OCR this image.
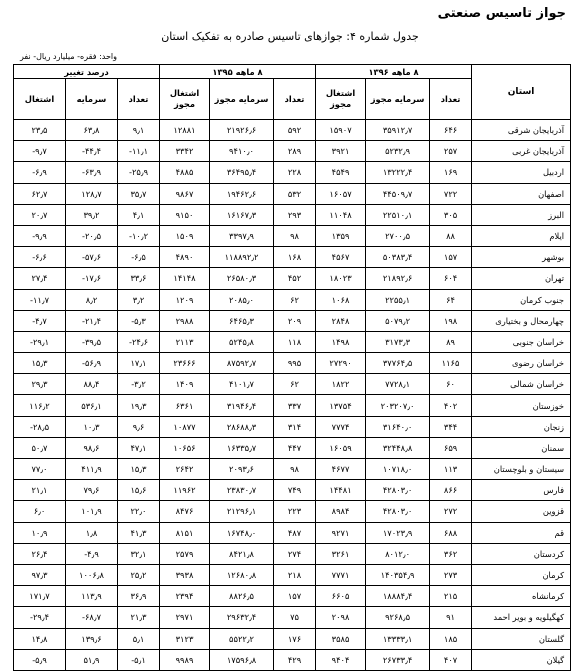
جواز تاسیس صنعتی
جدول شماره ۴: جوازهای تاسیس صادره به تفکیک استان
واحد: فقره- میلیارد ریال- نفر
استان	۸ ماهه ۱۳۹۶			۸ ماهه ۱۳۹۵			درصد تغییر		
	تعداد	سرمایه مجوز	اشتغال مجوز	تعداد	سرمایه مجوز	اشتغال مجوز	تعداد	سرمایه	اشتغال
آذربایجان شرقی	۶۴۶	۳۵۹۱۲٫۷	۱۵۹۰۷	۵۹۲	۲۱۹۲۶٫۶	۱۲۸۸۱	۹٫۱	۶۳٫۸	۲۳٫۵
آذربایجان غربی	۲۵۷	۵۲۳۲٫۹	۳۹۲۱	۲۸۹	۹۴۱۰٫۰	۳۳۴۲	-۱۱٫۱	-۴۴٫۴	-۹٫۷
اردبیل	۱۶۹	۱۳۲۲۲٫۴	۴۵۴۹	۲۲۸	۳۶۴۹۵٫۴	۴۸۸۵	-۲۵٫۹	-۶۳٫۹	-۶٫۹
اصفهان	۷۲۲	۴۴۵۰۹٫۷	۱۶۰۵۷	۵۳۲	۱۹۴۶۲٫۶	۹۸۶۷	۳۵٫۷	۱۲۸٫۷	۶۲٫۷
البرز	۳۰۵	۲۲۵۱۰٫۱	۱۱۰۴۸	۲۹۳	۱۶۱۶۷٫۳	۹۱۵۰	۴٫۱	۳۹٫۲	۲۰٫۷
ایلام	۸۸	۲۷۰۰٫۵	۱۳۵۹	۹۸	۳۳۹۷٫۹	۱۵۰۹	-۱۰٫۲	-۲۰٫۵	-۹٫۹
بوشهر	۱۵۷	۵۰۳۸۳٫۴	۴۵۶۷	۱۶۸	۱۱۸۸۹۲٫۲	۴۸۹۰	-۶٫۵	-۵۷٫۶	-۶٫۶
تهران	۶۰۴	۲۱۸۹۲٫۶	۱۸۰۲۳	۴۵۲	۲۶۵۸۰٫۳	۱۴۱۴۸	۳۳٫۶	-۱۷٫۶	۲۷٫۴
جنوب کرمان	۶۴	۲۲۵۵٫۱	۱۰۶۸	۶۲	۲۰۸۵٫۰	۱۲۰۹	۳٫۲	۸٫۲	-۱۱٫۷
چهارمحال و بختیاری	۱۹۸	۵۰۷۹٫۲	۲۸۴۸	۲۰۹	۶۴۶۵٫۳	۲۹۸۸	-۵٫۳	-۲۱٫۴	-۴٫۷
خراسان جنوبی	۸۹	۳۱۷۳٫۳	۱۴۹۸	۱۱۸	۵۲۴۵٫۸	۲۱۱۳	-۲۴٫۶	-۳۹٫۵	-۲۹٫۱
خراسان رضوی	۱۱۶۵	۳۷۷۶۴٫۵	۲۷۲۹۰	۹۹۵	۸۷۵۹۲٫۷	۲۳۶۶۶	۱۷٫۱	-۵۶٫۹	۱۵٫۳
خراسان شمالی	۶۰	۷۷۲۸٫۱	۱۸۲۲	۶۲	۴۱۰۱٫۷	۱۴۰۹	-۳٫۲	۸۸٫۴	۲۹٫۳
خوزستان	۴۰۲	۲۰۳۲۰۷٫۰	۱۳۷۵۴	۳۳۷	۳۱۹۴۶٫۴	۶۳۶۱	۱۹٫۳	۵۳۶٫۱	۱۱۶٫۲
زنجان	۳۴۴	۳۱۶۴۰٫۰	۷۷۷۴	۳۱۴	۲۸۶۸۸٫۳	۱۰۸۷۷	۹٫۶	۱۰٫۳	-۲۸٫۵
سمنان	۶۵۹	۳۲۴۴۸٫۸	۱۶۰۵۹	۴۴۷	۱۶۳۳۵٫۷	۱۰۶۵۶	۴۷٫۱	۹۸٫۶	۵۰٫۷
سیستان و بلوچستان	۱۱۳	۱۰۷۱۸٫۰	۴۶۷۷	۹۸	۲۰۹۳٫۶	۲۶۴۲	۱۵٫۳	۴۱۱٫۹	۷۷٫۰
فارس	۸۶۶	۴۲۸۰۳٫۰	۱۴۴۸۱	۷۴۹	۲۳۸۳۰٫۷	۱۱۹۶۲	۱۵٫۶	۷۹٫۶	۲۱٫۱
قزوین	۲۷۲	۴۲۸۰۳٫۰	۸۹۸۴	۲۲۳	۲۱۲۹۶٫۱	۸۴۷۶	۲۲٫۰	۱۰۱٫۹	۶٫۰
قم	۶۸۸	۱۷۰۲۳٫۹	۹۲۷۱	۴۸۷	۱۶۷۴۸٫۰	۸۱۵۱	۴۱٫۳	۱٫۸	۱۰٫۹
کردستان	۳۶۲	۸۰۱۲٫۰	۳۲۶۱	۲۷۴	۸۴۲۱٫۸	۲۵۷۹	۳۲٫۱	-۴٫۹	۲۶٫۴
کرمان	۲۷۳	۱۴۰۳۵۴٫۹	۷۷۷۱	۲۱۸	۱۲۶۸۰٫۸	۳۹۳۸	۲۵٫۲	۱۰۰۶٫۸	۹۷٫۳
کرمانشاه	۲۱۵	۱۸۸۸۴٫۴	۶۶۰۵	۱۵۷	۸۸۲۶٫۵	۲۳۹۴	۳۶٫۹	۱۱۳٫۹	۱۷۱٫۷
کهگیلویه و بویر احمد	۹۱	۹۲۶۸٫۵	۲۰۹۸	۷۵	۲۹۶۳۲٫۴	۲۹۷۱	۲۱٫۳	-۶۸٫۷	-۲۹٫۴
گلستان	۱۸۵	۱۳۳۳۳٫۱	۳۵۸۵	۱۷۶	۵۵۲۲٫۲	۳۱۲۳	۵٫۱	۱۳۹٫۶	۱۴٫۸
گیلان	۴۰۷	۲۶۷۳۳٫۴	۹۴۰۴	۴۲۹	۱۷۵۹۶٫۸	۹۹۸۹	-۵٫۱	۵۱٫۹	-۵٫۹
